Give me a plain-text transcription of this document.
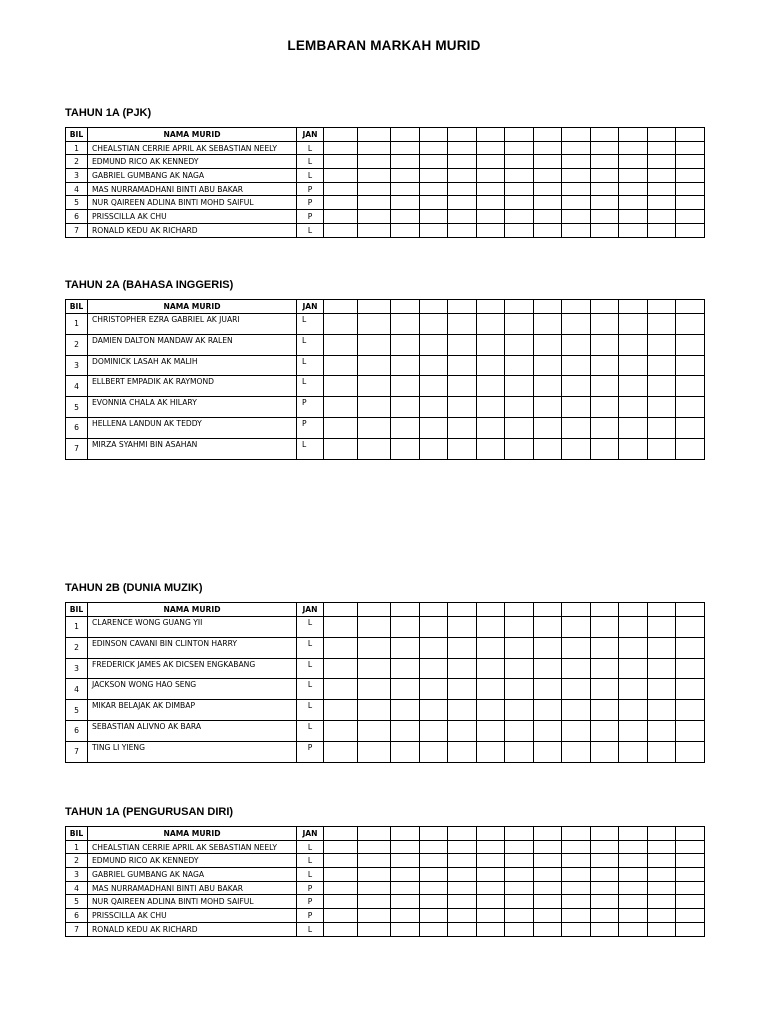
LEMBARAN MARKAH MURID
TAHUN 1A (PJK)
BIL	NAMA MURID	JAN													
1	CHEALSTIAN CERRIE APRIL AK SEBASTIAN NEELY	L													
2	EDMUND RICO AK KENNEDY	L													
3	GABRIEL GUMBANG AK NAGA	L													
4	MAS NURRAMADHANI BINTI ABU BAKAR	P													
5	NUR QAIREEN ADLINA BINTI MOHD SAIFUL	P													
6	PRISSCILLA AK CHU	P													
7	RONALD KEDU AK RICHARD	L													
TAHUN 2A (BAHASA INGGERIS)
BIL	NAMA MURID	JAN													
1	CHRISTOPHER EZRA GABRIEL AK JUARI	L													
2	DAMIEN DALTON MANDAW AK RALEN	L													
3	DOMINICK LASAH AK MALIH	L													
4	ELLBERT EMPADIK AK RAYMOND	L													
5	EVONNIA CHALA AK HILARY	P													
6	HELLENA LANDUN AK TEDDY	P													
7	MIRZA SYAHMI BIN ASAHAN	L													
TAHUN 2B (DUNIA MUZIK)
BIL	NAMA MURID	JAN													
1	CLARENCE WONG GUANG YII	L													
2	EDINSON CAVANI BIN CLINTON HARRY	L													
3	FREDERICK JAMES AK DICSEN ENGKABANG	L													
4	JACKSON WONG HAO SENG	L													
5	MIKAR BELAJAK AK DIMBAP	L													
6	SEBASTIAN ALIVNO AK BARA	L													
7	TING LI YIENG	P													
TAHUN 1A (PENGURUSAN DIRI)
BIL	NAMA MURID	JAN													
1	CHEALSTIAN CERRIE APRIL AK SEBASTIAN NEELY	L													
2	EDMUND RICO AK KENNEDY	L													
3	GABRIEL GUMBANG AK NAGA	L													
4	MAS NURRAMADHANI BINTI ABU BAKAR	P													
5	NUR QAIREEN ADLINA BINTI MOHD SAIFUL	P													
6	PRISSCILLA AK CHU	P													
7	RONALD KEDU AK RICHARD	L													
